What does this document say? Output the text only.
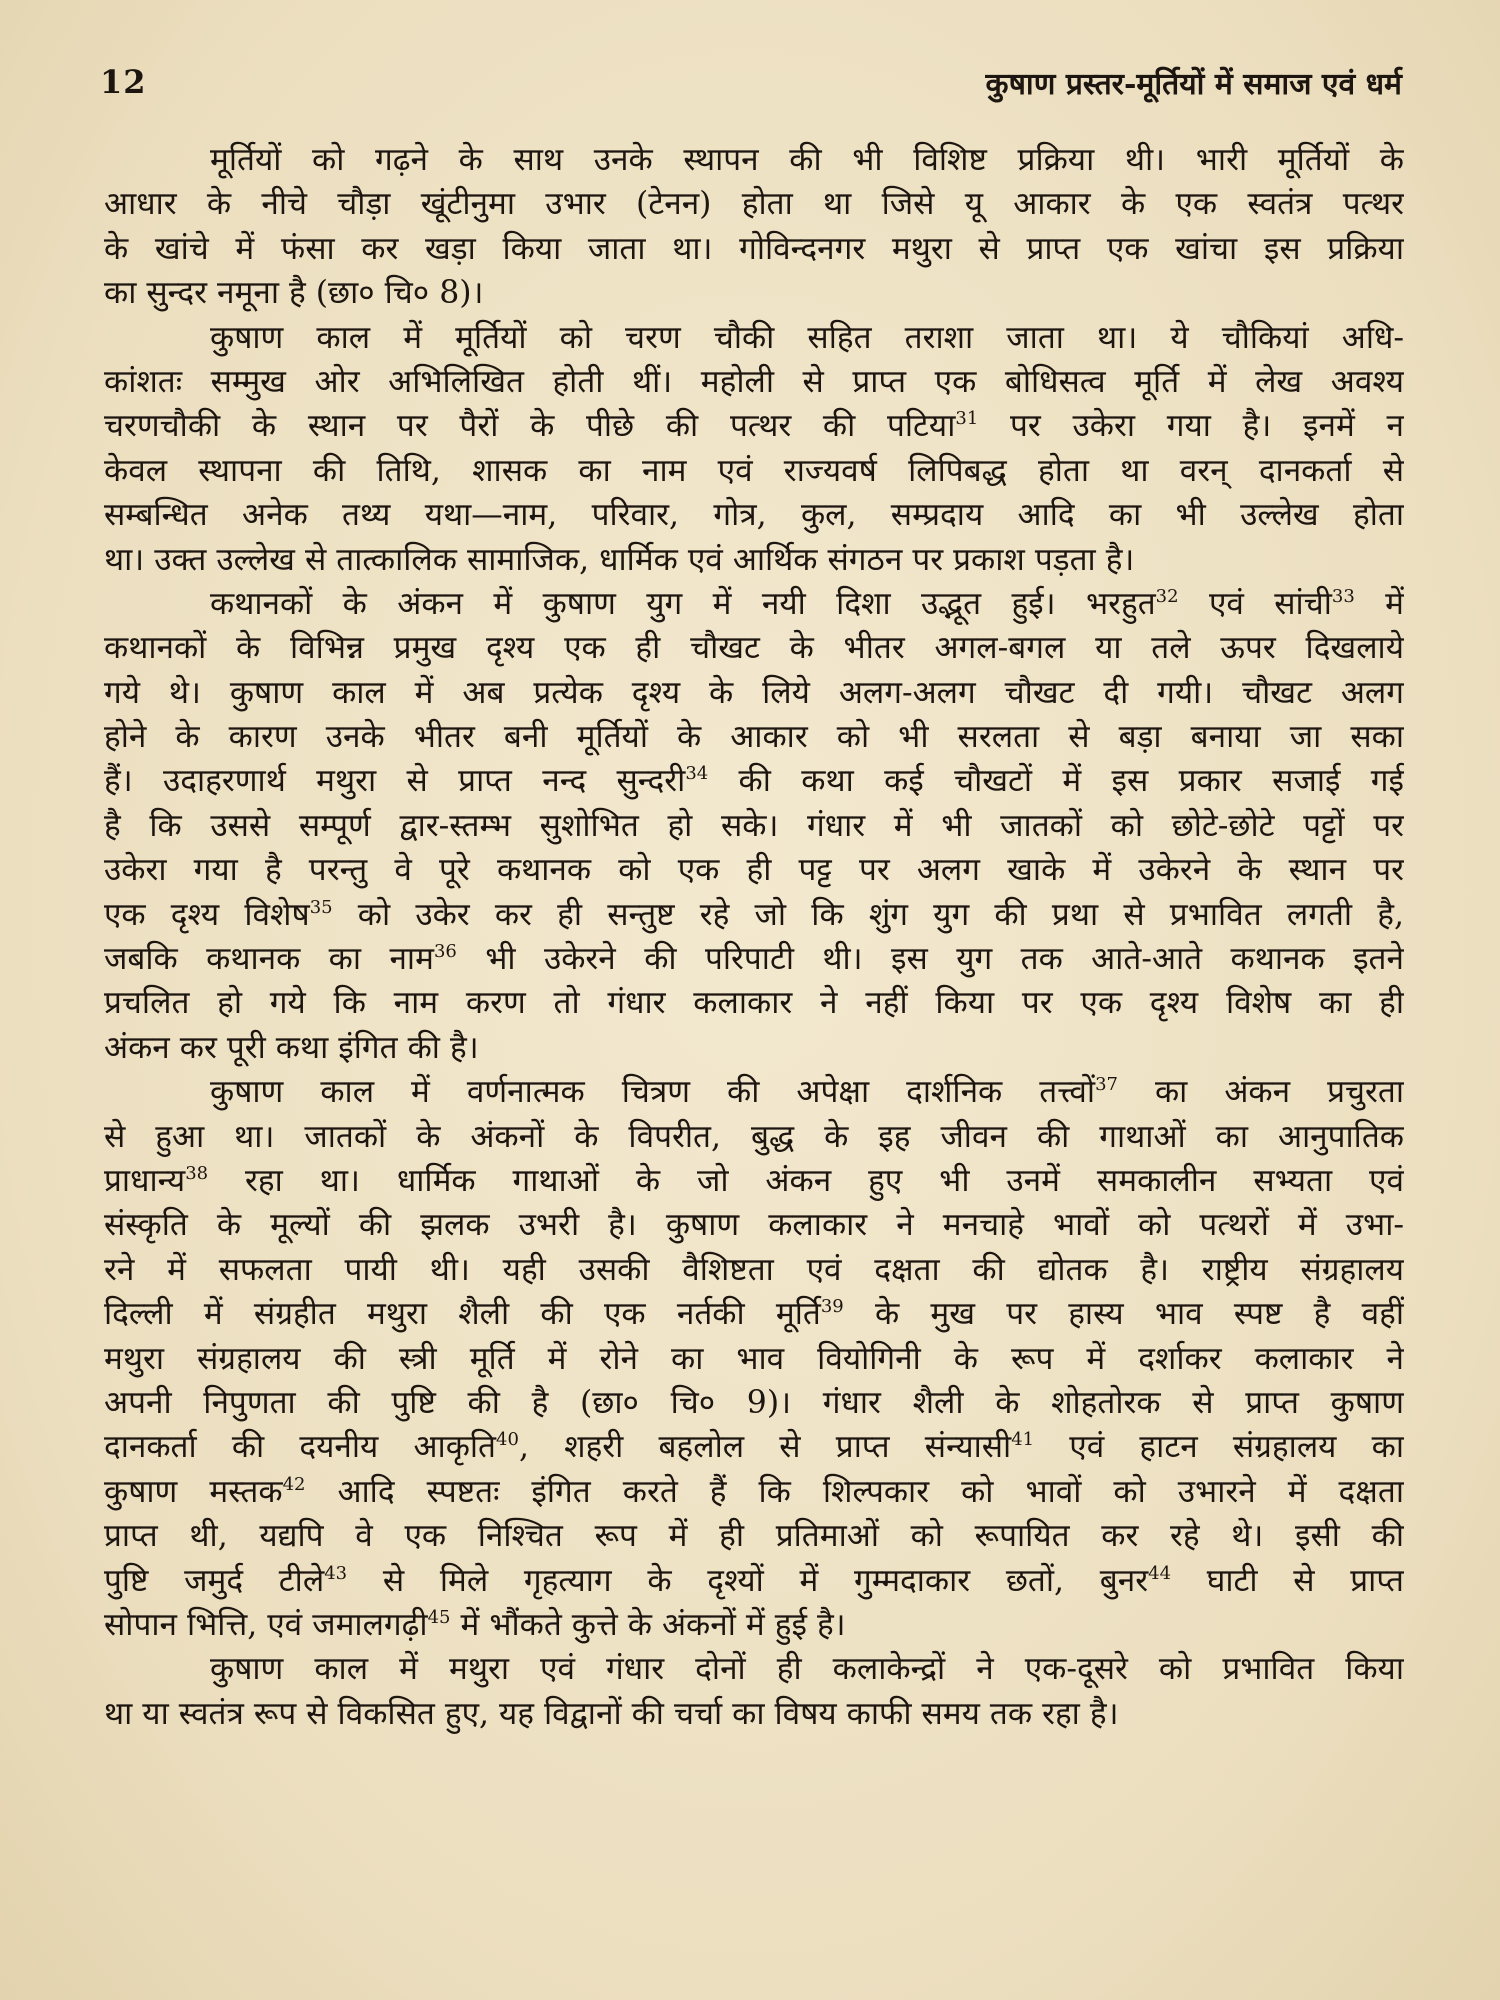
12	कुषाण प्रस्तर-मूर्तियों में समाज एवं धर्म
मूर्तियों को गढ़ने के साथ उनके स्थापन की भी विशिष्ट प्रक्रिया थी। भारी मूर्तियों के
आधार के नीचे चौड़ा खूंटीनुमा उभार (टेनन) होता था जिसे यू आकार के एक स्वतंत्र पत्थर
के खांचे में फंसा कर खड़ा किया जाता था। गोविन्दनगर मथुरा से प्राप्त एक खांचा इस प्रक्रिया
का सुन्दर नमूना है (छा० चि० 8)।
कुषाण काल में मूर्तियों को चरण चौकी सहित तराशा जाता था। ये चौकियां अधि-
कांशतः सम्मुख ओर अभिलिखित होती थीं। महोली से प्राप्त एक बोधिसत्व मूर्ति में लेख अवश्य
चरणचौकी के स्थान पर पैरों के पीछे की पत्थर की पटिया$^{31}$ पर उकेरा गया है। इनमें न
केवल स्थापना की तिथि, शासक का नाम एवं राज्यवर्ष लिपिबद्ध होता था वरन् दानकर्ता से
सम्बन्धित अनेक तथ्य यथा—नाम, परिवार, गोत्र, कुल, सम्प्रदाय आदि का भी उल्लेख होता
था। उक्त उल्लेख से तात्कालिक सामाजिक, धार्मिक एवं आर्थिक संगठन पर प्रकाश पड़ता है।
कथानकों के अंकन में कुषाण युग में नयी दिशा उद्भूत हुई। भरहुत$^{32}$ एवं सांची$^{33}$ में
कथानकों के विभिन्न प्रमुख दृश्य एक ही चौखट के भीतर अगल-बगल या तले ऊपर दिखलाये
गये थे। कुषाण काल में अब प्रत्येक दृश्य के लिये अलग-अलग चौखट दी गयी। चौखट अलग
होने के कारण उनके भीतर बनी मूर्तियों के आकार को भी सरलता से बड़ा बनाया जा सका
हैं। उदाहरणार्थ मथुरा से प्राप्त नन्द सुन्दरी$^{34}$ की कथा कई चौखटों में इस प्रकार सजाई गई
है कि उससे सम्पूर्ण द्वार-स्तम्भ सुशोभित हो सके। गंधार में भी जातकों को छोटे-छोटे पट्टों पर
उकेरा गया है परन्तु वे पूरे कथानक को एक ही पट्ट पर अलग खाके में उकेरने के स्थान पर
एक दृश्य विशेष$^{35}$ को उकेर कर ही सन्तुष्ट रहे जो कि शुंग युग की प्रथा से प्रभावित लगती है,
जबकि कथानक का नाम$^{36}$ भी उकेरने की परिपाटी थी। इस युग तक आते-आते कथानक इतने
प्रचलित हो गये कि नाम करण तो गंधार कलाकार ने नहीं किया पर एक दृश्य विशेष का ही
अंकन कर पूरी कथा इंगित की है।
कुषाण काल में वर्णनात्मक चित्रण की अपेक्षा दार्शनिक तत्त्वों$^{37}$ का अंकन प्रचुरता
से हुआ था। जातकों के अंकनों के विपरीत, बुद्ध के इह जीवन की गाथाओं का आनुपातिक
प्राधान्य$^{38}$ रहा था। धार्मिक गाथाओं के जो अंकन हुए भी उनमें समकालीन सभ्यता एवं
संस्कृति के मूल्यों की झलक उभरी है। कुषाण कलाकार ने मनचाहे भावों को पत्थरों में उभा-
रने में सफलता पायी थी। यही उसकी वैशिष्टता एवं दक्षता की द्योतक है। राष्ट्रीय संग्रहालय
दिल्ली में संग्रहीत मथुरा शैली की एक नर्तकी मूर्ति$^{39}$ के मुख पर हास्य भाव स्पष्ट है वहीं
मथुरा संग्रहालय की स्त्री मूर्ति में रोने का भाव वियोगिनी के रूप में दर्शाकर कलाकार ने
अपनी निपुणता की पुष्टि की है (छा० चि० 9)। गंधार शैली के शोहतोरक से प्राप्त कुषाण
दानकर्ता की दयनीय आकृति$^{40}$, शहरी बहलोल से प्राप्त संन्यासी$^{41}$ एवं हाटन संग्रहालय का
कुषाण मस्तक$^{42}$ आदि स्पष्टतः इंगित करते हैं कि शिल्पकार को भावों को उभारने में दक्षता
प्राप्त थी, यद्यपि वे एक निश्चित रूप में ही प्रतिमाओं को रूपायित कर रहे थे। इसी की
पुष्टि जमुर्द टीले$^{43}$ से मिले गृहत्याग के दृश्यों में गुम्मदाकार छतों, बुनर$^{44}$ घाटी से प्राप्त
सोपान भित्ति, एवं जमालगढ़ी$^{45}$ में भौंकते कुत्ते के अंकनों में हुई है।
कुषाण काल में मथुरा एवं गंधार दोनों ही कलाकेन्द्रों ने एक-दूसरे को प्रभावित किया
था या स्वतंत्र रूप से विकसित हुए, यह विद्वानों की चर्चा का विषय काफी समय तक रहा है।
